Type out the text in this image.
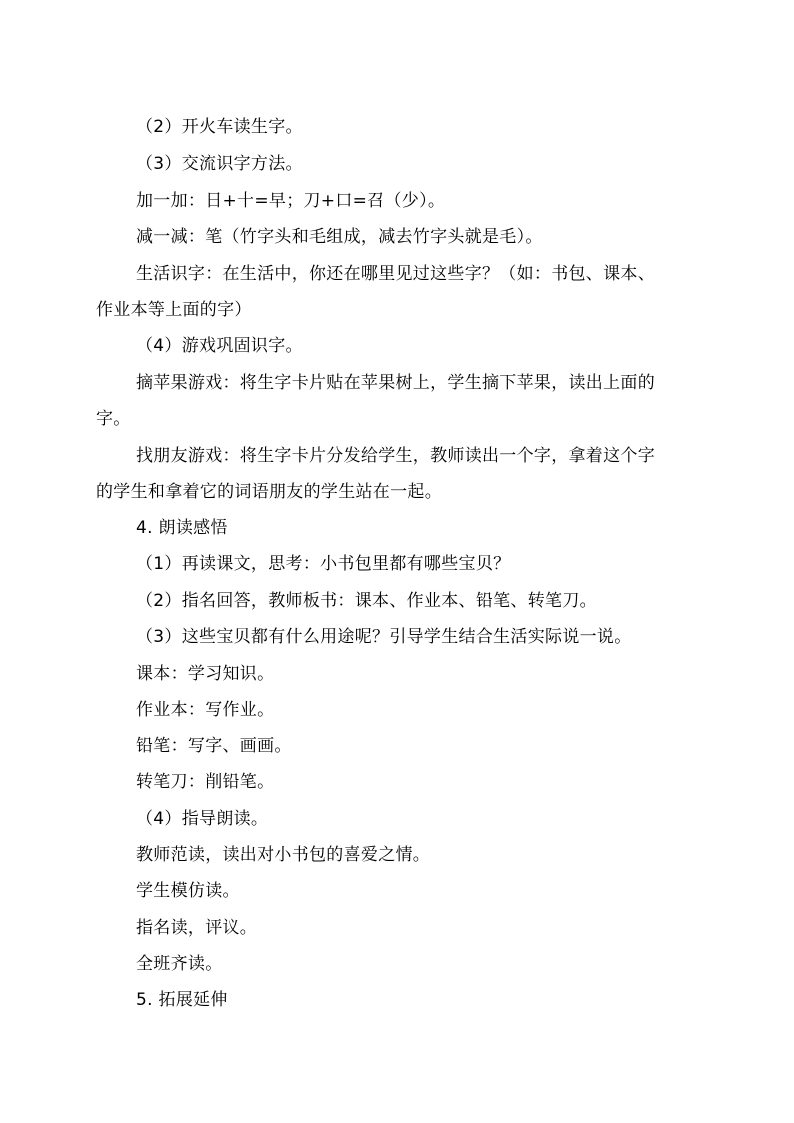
（2）开火车读生字。
（3）交流识字方法。
加一加：日+十=早；刀+口=召（少）。
减一减：笔（竹字头和毛组成，减去竹字头就是毛）。
生活识字：在生活中，你还在哪里见过这些字？（如：书包、课本、
作业本等上面的字）
（4）游戏巩固识字。
摘苹果游戏：将生字卡片贴在苹果树上，学生摘下苹果，读出上面的
字。
找朋友游戏：将生字卡片分发给学生，教师读出一个字，拿着这个字
的学生和拿着它的词语朋友的学生站在一起。
4. 朗读感悟
（1）再读课文，思考：小书包里都有哪些宝贝？
（2）指名回答，教师板书：课本、作业本、铅笔、转笔刀。
（3）这些宝贝都有什么用途呢？引导学生结合生活实际说一说。
课本：学习知识。
作业本：写作业。
铅笔：写字、画画。
转笔刀：削铅笔。
（4）指导朗读。
教师范读，读出对小书包的喜爱之情。
学生模仿读。
指名读，评议。
全班齐读。
5. 拓展延伸
